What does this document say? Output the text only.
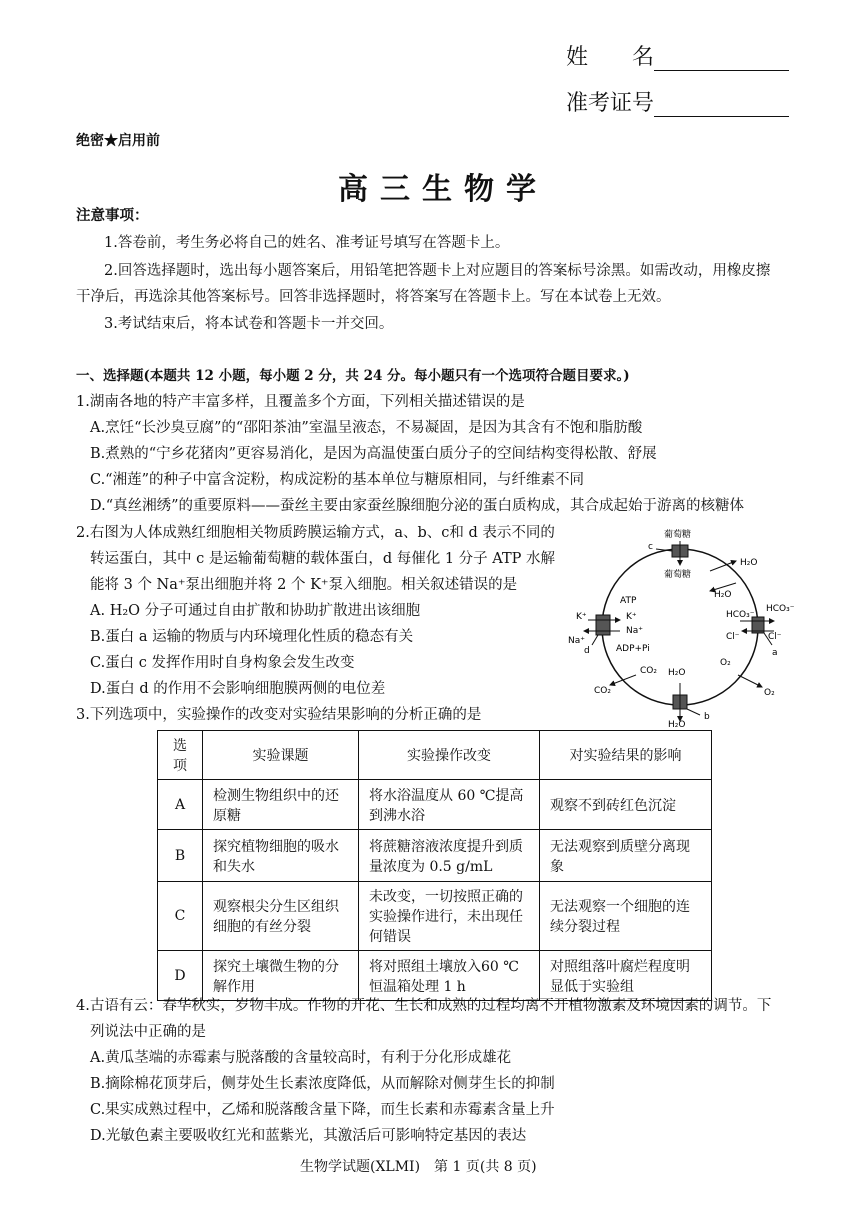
姓　　名
准考证号
绝密★启用前
高三生物学
注意事项：
1.答卷前，考生务必将自己的姓名、准考证号填写在答题卡上。
2.回答选择题时，选出每小题答案后，用铅笔把答题卡上对应题目的答案标号涂黑。如需改动，用橡皮擦
干净后，再选涂其他答案标号。回答非选择题时，将答案写在答题卡上。写在本试卷上无效。
3.考试结束后，将本试卷和答题卡一并交回。
一、选择题(本题共 12 小题，每小题 2 分，共 24 分。每小题只有一个选项符合题目要求。)
1.湖南各地的特产丰富多样，且覆盖多个方面，下列相关描述错误的是
A.烹饪“长沙臭豆腐”的“邵阳茶油”室温呈液态，不易凝固，是因为其含有不饱和脂肪酸
B.煮熟的“宁乡花猪肉”更容易消化，是因为高温使蛋白质分子的空间结构变得松散、舒展
C.“湘莲”的种子中富含淀粉，构成淀粉的基本单位与糖原相同，与纤维素不同
D.“真丝湘绣”的重要原料——蚕丝主要由家蚕丝腺细胞分泌的蛋白质构成，其合成起始于游离的核糖体
2.右图为人体成熟红细胞相关物质跨膜运输方式，a、b、c和 d 表示不同的
转运蛋白，其中 c 是运输葡萄糖的载体蛋白，d 每催化 1 分子 ATP 水解
能将 3 个 Na⁺泵出细胞并将 2 个 K⁺泵入细胞。相关叙述错误的是
A. H₂O 分子可通过自由扩散和协助扩散进出该细胞
B.蛋白 a 运输的物质与内环境理化性质的稳态有关
C.蛋白 c 发挥作用时自身构象会发生改变
D.蛋白 d 的作用不会影响细胞膜两侧的电位差
葡萄糖
葡萄糖
c
H₂O
H₂O
HCO₃⁻
HCO₃⁻
Cl⁻	Cl⁻
a
ATP
ADP+Pi
K⁺	K⁺
Na⁺
Na⁺
d
CO₂
CO₂
H₂O
H₂O
b
O₂
O₂
3.下列选项中，实验操作的改变对实验结果影响的分析正确的是
选项	实验课题	实验操作改变	对实验结果的影响
A	检测生物组织中的还原糖	将水浴温度从 60 ℃提高到沸水浴	观察不到砖红色沉淀
B	探究植物细胞的吸水和失水	将蔗糖溶液浓度提升到质量浓度为 0.5 g/mL	无法观察到质壁分离现象
C	观察根尖分生区组织细胞的有丝分裂	未改变，一切按照正确的实验操作进行，未出现任何错误	无法观察一个细胞的连续分裂过程
D	探究土壤微生物的分解作用	将对照组土壤放入60 ℃恒温箱处理 1 h	对照组落叶腐烂程度明显低于实验组
4.古语有云：春华秋实，岁物丰成。作物的开花、生长和成熟的过程均离不开植物激素及环境因素的调节。下
列说法中正确的是
A.黄瓜茎端的赤霉素与脱落酸的含量较高时，有利于分化形成雄花
B.摘除棉花顶芽后，侧芽处生长素浓度降低，从而解除对侧芽生长的抑制
C.果实成熟过程中，乙烯和脱落酸含量下降，而生长素和赤霉素含量上升
D.光敏色素主要吸收红光和蓝紫光，其激活后可影响特定基因的表达
生物学试题(XLMI)　第 1 页(共 8 页)
